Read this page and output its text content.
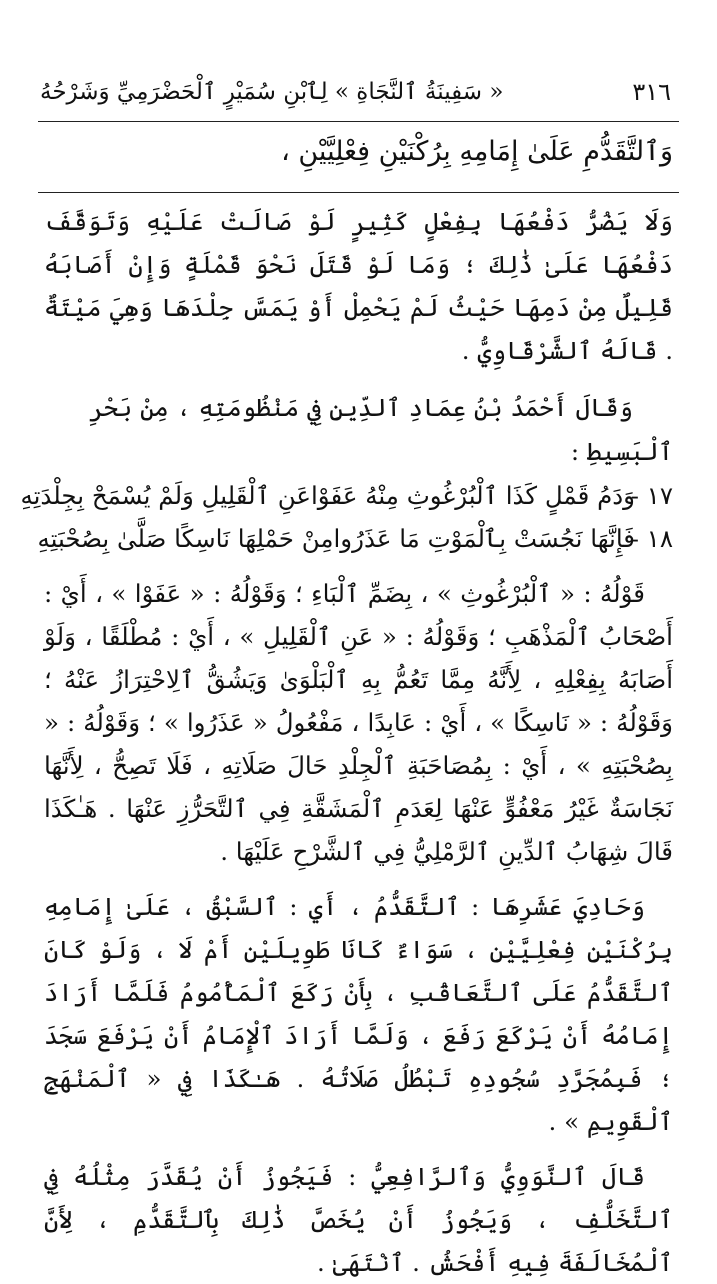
٣١٦
« سَفِينَةُ ٱلنَّجَاةِ » لِٱبْنِ سُمَيْرٍ ٱلْحَضْرَمِيِّ وَشَرْحُهُ
وَٱلتَّقَدُّمِ عَلَىٰ إِمَامِهِ بِرُكْنَيْنِ فِعْلِيَّيْنِ ،

وَلَا يَضُرُّ دَفْعُهَا بِفِعْلٍ كَثِيرٍ لَوْ صَالَتْ عَلَيْهِ وَتَوَقَّفَ دَفْعُهَا عَلَىٰ ذَٰلِكَ ؛ وَمَا لَوْ قَتَلَ نَحْوَ قَمْلَةٍ وَإِنْ أَصَابَهُ قَلِيلٌ مِنْ دَمِهَا حَيْثُ لَمْ يَحْمِلْ أَوْ يَمَسَّ جِلْدَهَا وَهِيَ مَيْتَةٌ . قَالَهُ ٱلشَّرْقَاوِيُّ .

وَقَالَ أَحْمَدُ بْنُ عِمَادِ ٱلدِّينِ فِي مَنْظُومَتِهِ ، مِنْ بَحْرِ ٱلْبَسِيطِ :

١٧ -
وَدَمُ قَمْلٍ كَذَا ٱلْبُرْغُوثِ مِنْهُ عَفَوْا
عَنِ ٱلْقَلِيلِ وَلَمْ يُسْمَحْ بِجِلْدَتِهِ
١٨ -
فَإِنَّهَا نَجُسَتْ بِٱلْمَوْتِ مَا عَذَرُوا
مِنْ حَمْلِهَا نَاسِكًا صَلَّىٰ بِصُحْبَتِهِ

قَوْلُهُ : « ٱلْبُرْغُوثِ » ، بِضَمِّ ٱلْبَاءِ ؛ وَقَوْلُهُ : « عَفَوْا » ، أَيْ : أَصْحَابُ ٱلْمَذْهَبِ ؛ وَقَوْلُهُ : « عَنِ ٱلْقَلِيلِ » ، أَيْ : مُطْلَقًا ، وَلَوْ أَصَابَهُ بِفِعْلِهِ ، لِأَنَّهُ مِمَّا تَعُمُّ بِهِ ٱلْبَلْوَىٰ وَيَشُقُّ ٱلِاحْتِرَازُ عَنْهُ ؛ وَقَوْلُهُ : « نَاسِكًا » ، أَيْ : عَابِدًا ، مَفْعُولُ « عَذَرُوا » ؛ وَقَوْلُهُ : « بِصُحْبَتِهِ » ، أَيْ : بِمُصَاحَبَةِ ٱلْجِلْدِ حَالَ صَلَاتِهِ ، فَلَا تَصِحُّ ، لِأَنَّهَا نَجَاسَةٌ غَيْرُ مَعْفُوٍّ عَنْهَا لِعَدَمِ ٱلْمَشَقَّةِ فِي ٱلتَّحَرُّزِ عَنْهَا . هَـٰكَذَا قَالَ شِهَابُ ٱلدِّينِ ٱلرَّمْلِيُّ فِي ٱلشَّرْحِ عَلَيْهَا .

وَحَادِيَ عَشَرِهَا : ٱلتَّقَدُّمُ ، أَيِ : ٱلسَّبْقُ ، عَلَىٰ إِمَامِهِ بِرُكْنَيْنِ فِعْلِيَّيْنِ ، سَوَاءٌ كَانَا طَوِيلَيْنِ أَمْ لَا ، وَلَوْ كَانَ ٱلتَّقَدُّمُ عَلَى ٱلتَّعَاقُبِ ، بِأَنْ رَكَعَ ٱلْمَأْمُومُ فَلَمَّا أَرَادَ إِمَامُهُ أَنْ يَرْكَعَ رَفَعَ ، وَلَمَّا أَرَادَ ٱلْإِمَامُ أَنْ يَرْفَعَ سَجَدَ ؛ فَبِمُجَرَّدِ سُجُودِهِ تَبْطُلُ صَلَاتُهُ . هَـٰكَذَا فِي « ٱلْمَنْهَجِ ٱلْقَوِيمِ » .

قَالَ ٱلنَّوَوِيُّ وَٱلرَّافِعِيُّ : فَيَجُوزُ أَنْ يُقَدَّرَ مِثْلُهُ فِي ٱلتَّخَلُّفِ ، وَيَجُوزُ أَنْ يُخَصَّ ذَٰلِكَ بِٱلتَّقَدُّمِ ، لِأَنَّ ٱلْمُخَالَفَةَ فِيهِ أَفْحَشُ . ٱنْتَهَىٰ .
